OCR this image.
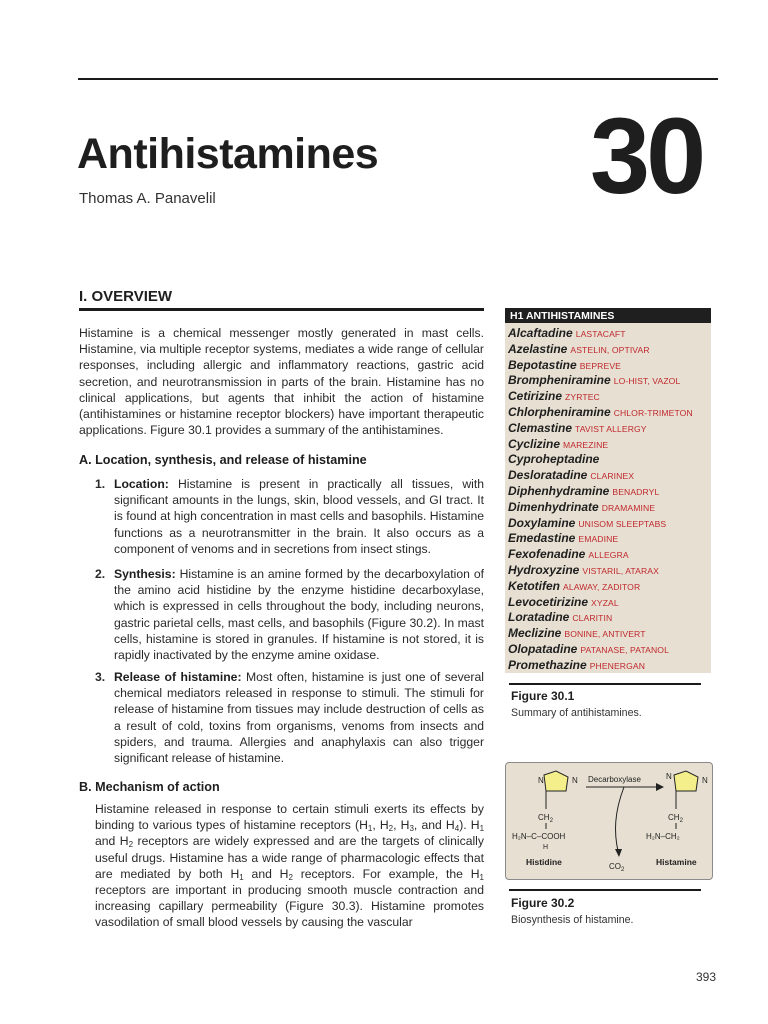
Antihistamines
Thomas A. Panavelil	30
I. OVERVIEW

Histamine is a chemical messenger mostly generated in mast cells. Histamine, via multiple receptor systems, mediates a wide range of cellular responses, including allergic and inflammatory reactions, gastric acid secretion, and neurotransmission in parts of the brain. Histamine has no clinical applications, but agents that inhibit the action of histamine (antihistamines or histamine receptor blockers) have important therapeutic applications. Figure 30.1 provides a summary of the antihistamines.

A. Location, synthesis, and release of histamine
1. Location: Histamine is present in practically all tissues, with significant amounts in the lungs, skin, blood vessels, and GI tract. It is found at high concentration in mast cells and basophils. Histamine functions as a neurotransmitter in the brain. It also occurs as a component of venoms and in secretions from insect stings.
2. Synthesis: Histamine is an amine formed by the decarboxylation of the amino acid histidine by the enzyme histidine decarboxylase, which is expressed in cells throughout the body, including neurons, gastric parietal cells, mast cells, and basophils (Figure 30.2). In mast cells, histamine is stored in granules. If histamine is not stored, it is rapidly inactivated by the enzyme amine oxidase.
3. Release of histamine: Most often, histamine is just one of several chemical mediators released in response to stimuli. The stimuli for release of histamine from tissues may include destruction of cells as a result of cold, toxins from organisms, venoms from insects and spiders, and trauma. Allergies and anaphylaxis can also trigger significant release of histamine.
B. Mechanism of action

Histamine released in response to certain stimuli exerts its effects by binding to various types of histamine receptors ($H_1$, $H_2$, $H_3$, and $H_4$). $H_1$ and $H_2$ receptors are widely expressed and are the targets of clinically useful drugs. Histamine has a wide range of pharmacologic effects that are mediated by both $H_1$ and $H_2$ receptors. For example, the $H_1$ receptors are important in producing smooth muscle contraction and increasing capillary permeability (Figure 30.3). Histamine promotes vasodilation of small blood vessels by causing the vascular

H1 ANTIHISTAMINES
Alcaftadine LASTACAFT
Azelastine ASTELIN, OPTIVAR
Bepotastine BEPREVE
Brompheniramine LO-HIST, VAZOL
Cetirizine ZYRTEC
Chlorpheniramine CHLOR-TRIMETON
Clemastine TAVIST ALLERGY
Cyclizine MAREZINE
Cyproheptadine
Desloratadine CLARINEX
Diphenhydramine BENADRYL
Dimenhydrinate DRAMAMINE
Doxylamine UNISOM SLEEPTABS
Emedastine EMADINE
Fexofenadine ALLEGRA
Hydroxyzine VISTARIL, ATARAX
Ketotifen ALAWAY, ZADITOR
Levocetirizine XYZAL
Loratadine CLARITIN
Meclizine BONINE, ANTIVERT
Olopatadine PATANASE, PATANOL
Promethazine PHENERGAN
Figure 30.1
Summary of antihistamines.
N	N
$CH_2$
H₂N–C–COOH
H
Histidine
Decarboxylase
$CO_2$
N	N
$CH_2$
H₂N–CH₂
Histamine
Figure 30.2
Biosynthesis of histamine.
393
